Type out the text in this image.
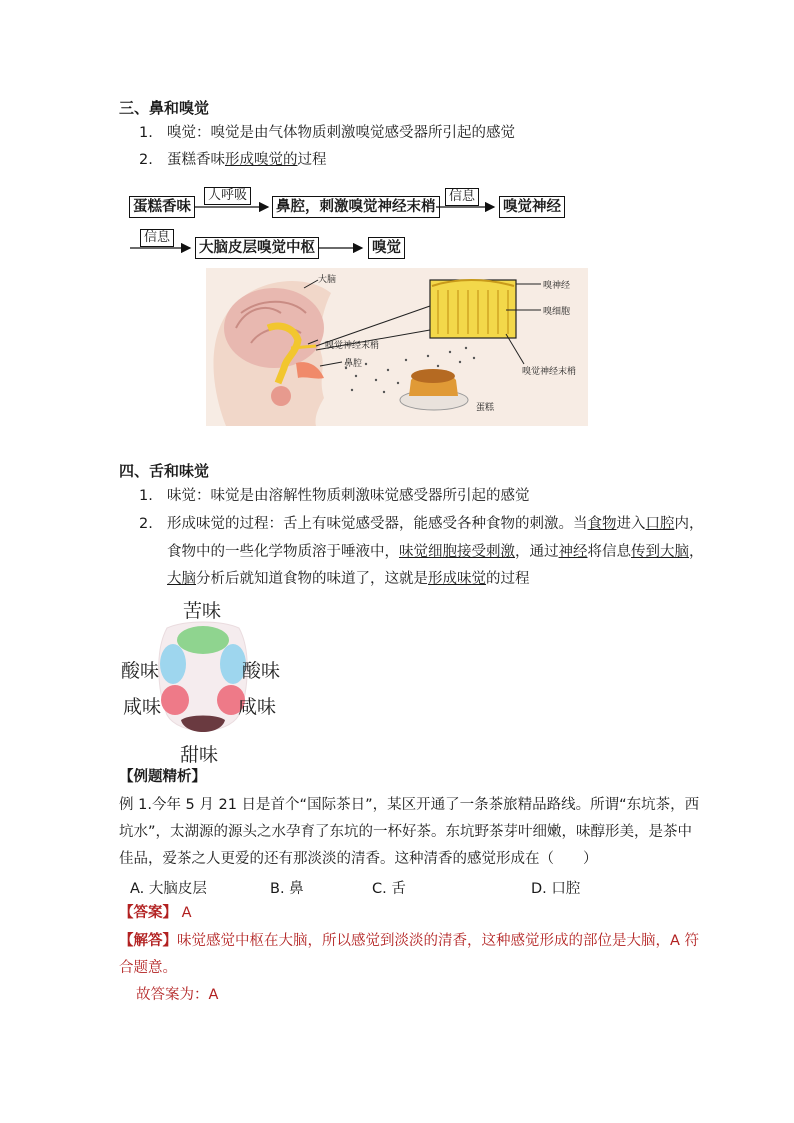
三、鼻和嗅觉
1. 嗅觉：嗅觉是由气体物质刺激嗅觉感受器所引起的感觉
2. 蛋糕香味形成嗅觉的过程
蛋糕香味
人呼吸
鼻腔，刺激嗅觉神经末梢
信息
嗅觉神经
信息
大脑皮层嗅觉中枢	嗅觉
大脑
嗅觉神经末梢
鼻腔
嗅神经
嗅细胞
嗅觉神经末梢
蛋糕
四、舌和味觉
1. 味觉：味觉是由溶解性物质刺激味觉感受器所引起的感觉
2. 形成味觉的过程：舌上有味觉感受器，能感受各种食物的刺激。当食物进入口腔内，
食物中的一些化学物质溶于唾液中，味觉细胞接受刺激，通过神经将信息传到大脑，
大脑分析后就知道食物的味道了，这就是形成味觉的过程
苦味
酸味	酸味
咸味	咸味
甜味
【例题精析】
例 1.今年 5 月 21 日是首个“国际茶日”，某区开通了一条茶旅精品路线。所谓“东坑茶，西
坑水”，太湖源的源头之水孕育了东坑的一杯好茶。东坑野茶芽叶细嫩，味醇形美，是茶中
佳品，爱茶之人更爱的还有那淡淡的清香。这种清香的感觉形成在（　　）
A. 大脑皮层	B. 鼻	C. 舌	D. 口腔
【答案】 A
【解答】味觉感觉中枢在大脑，所以感觉到淡淡的清香，这种感觉形成的部位是大脑，A 符
合题意。
故答案为：A
